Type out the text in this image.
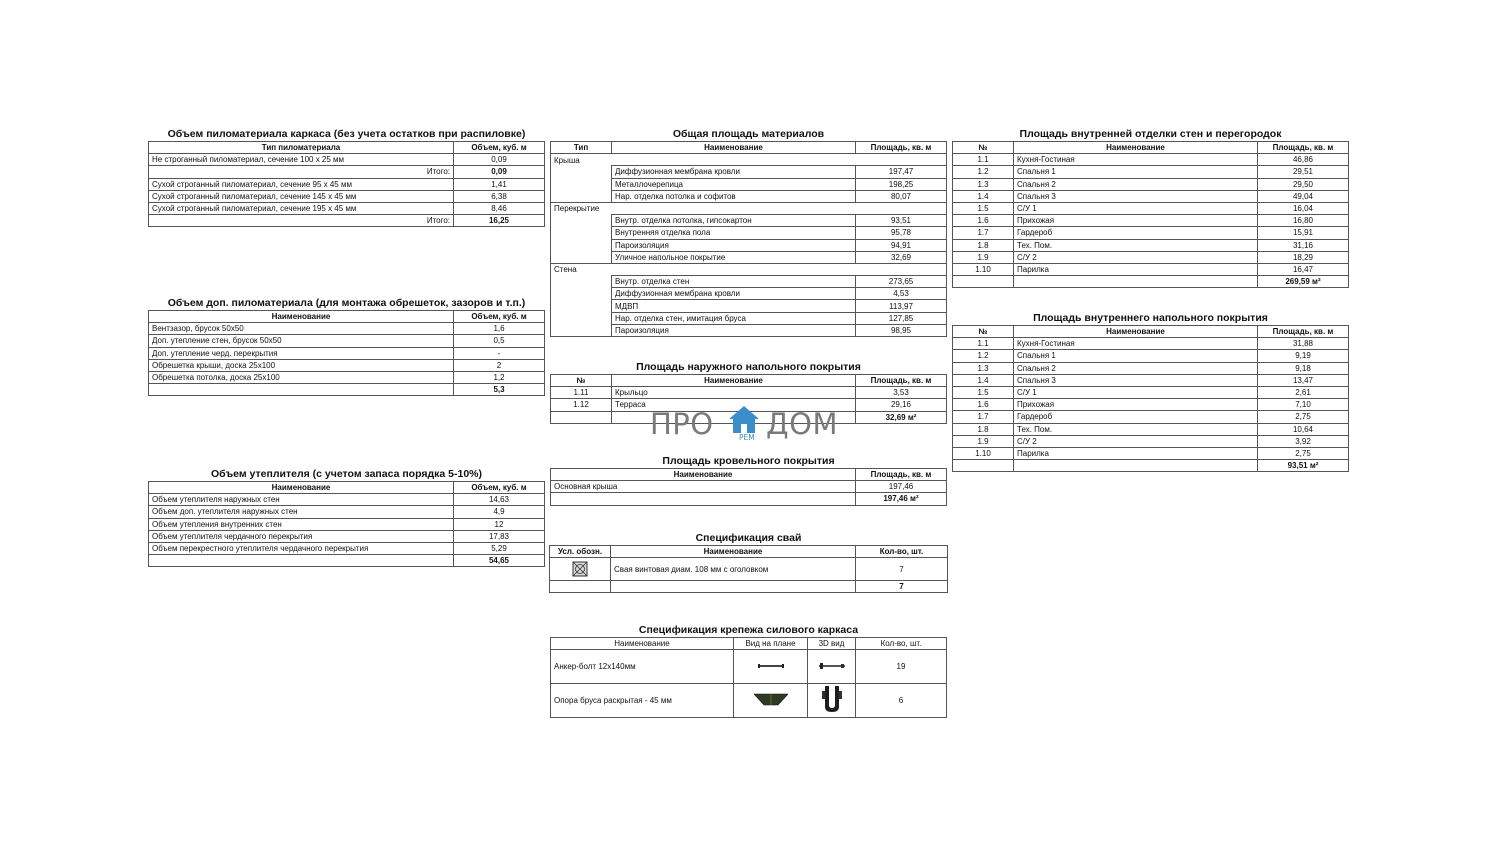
Объем пиломатериала каркаса (без учета остатков при распиловке)
Тип пиломатериала	Объем, куб. м
Не строганный пиломатериал, сечение 100 х 25 мм	0,09
Итого:	0,09
Сухой строганный пиломатериал, сечение 95 х 45 мм	1,41
Сухой строганный пиломатериал, сечение 145 х 45 мм	6,38
Сухой строганный пиломатериал, сечение 195 х 45 мм	8,46
Итого:	16,25
Объем доп. пиломатериала (для монтажа обрешеток, зазоров и т.п.)
Наименование	Объем, куб. м
Вентзазор, брусок 50х50	1,6
Доп. утепление стен, брусок 50х50	0,5
Доп. утепление черд. перекрытия	-
Обрешетка крыши, доска 25х100	2
Обрешетка потолка, доска 25х100	1,2
	5,3
Объем утеплителя (с учетом запаса порядка 5-10%)
Наименование	Объем, куб. м
Объем утеплителя наружных стен	14,63
Объем доп. утеплителя наружных стен	4,9
Объем утепления внутренних стен	12
Объем утеплителя чердачного перекрытия	17,83
Объем перекрестного утеплителя чердачного перекрытия	5,29
	54,65
Общая площадь материалов
Тип	Наименование	Площадь, кв. м
Крыша		
	Диффузионная мембрана кровли	197,47
	Металлочерепица	198,25
	Нар. отделка потолка и софитов	80,07
Перекрытие		
	Внутр. отделка потолка, гипсокартон	93,51
	Внутренняя отделка пола	95,78
	Пароизоляция	94,91
	Уличное напольное покрытие	32,69
Стена		
	Внутр. отделка стен	273,65
	Диффузионная мембрана кровли	4,53
	МДВП	113,97
	Нар. отделка стен, имитация бруса	127,85
	Пароизоляция	98,95
Площадь наружного напольного покрытия
№	Наименование	Площадь, кв. м
1.11	Крыльцо	3,53
1.12	Терраса	29,16
		32,69 м²
ПРО	РЕМ ДОМ
Площадь кровельного покрытия
Наименование	Площадь, кв. м
Основная крыша	197,46
	197,46 м²
Спецификация свай
Усл. обозн.	Наименование	Кол-во, шт.
	Свая винтовая диам. 108 мм с оголовком	7
		7
Спецификация крепежа силового каркаса
Наименование	Вид на плане	3D вид	Кол-во, шт.
Анкер-болт 12х140мм			19
Опора бруса раскрытая - 45 мм			6
Площадь внутренней отделки стен и перегородок
№	Наименование	Площадь, кв. м
1.1	Кухня-Гостиная	46,86
1.2	Спальня 1	29,51
1.3	Спальня 2	29,50
1.4	Спальня 3	49,04
1.5	С/У 1	16,04
1.6	Прихожая	16,80
1.7	Гардероб	15,91
1.8	Тех. Пом.	31,16
1.9	С/У 2	18,29
1.10	Парилка	16,47
		269,59 м²
Площадь внутреннего напольного покрытия
№	Наименование	Площадь, кв. м
1.1	Кухня-Гостиная	31,88
1.2	Спальня 1	9,19
1.3	Спальня 2	9,18
1.4	Спальня 3	13,47
1.5	С/У 1	2,61
1.6	Прихожая	7,10
1.7	Гардероб	2,75
1.8	Тех. Пом.	10,64
1.9	С/У 2	3,92
1.10	Парилка	2,75
		93,51 м²
